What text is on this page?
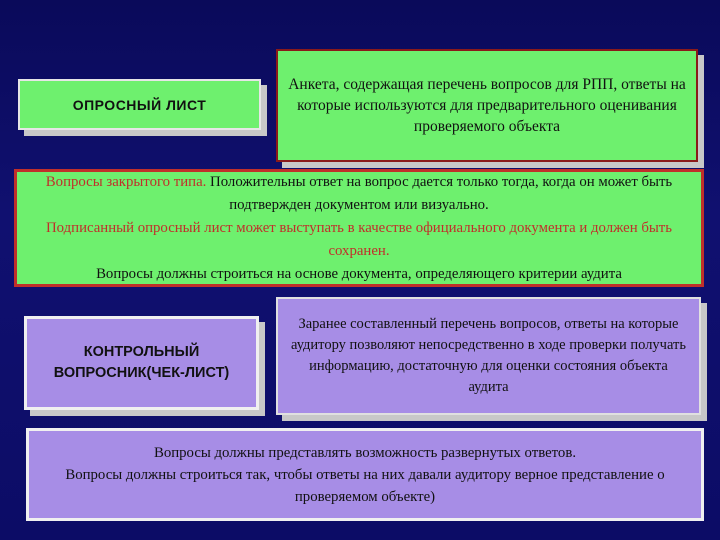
ОПРОСНЫЙ ЛИСТ
Анкета, содержащая перечень вопросов для РПП, ответы на которые используются для предварительного оценивания проверяемого объекта
Вопросы закрытого типа. Положительны ответ на вопрос дается только тогда, когда он может быть подтвержден документом или визуально.
Подписанный опросный лист может выступать в качестве официального документа и должен быть сохранен.
Вопросы должны строиться на основе документа, определяющего критерии аудита
КОНТРОЛЬНЫЙ ВОПРОСНИК(ЧЕК-ЛИСТ)
Заранее составленный перечень вопросов, ответы на которые аудитору позволяют непосредственно в ходе проверки получать информацию, достаточную для оценки состояния объекта аудита
Вопросы должны представлять возможность развернутых ответов.
Вопросы должны строиться так, чтобы ответы на них давали аудитору верное представление о проверяемом объекте)
